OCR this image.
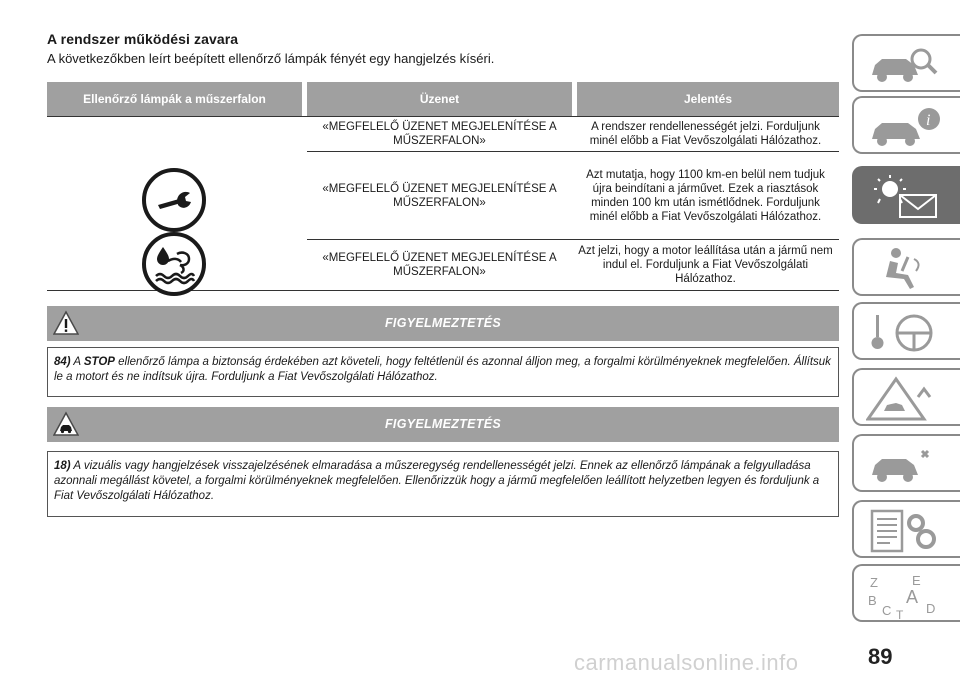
A rendszer működési zavara
A következőkben leírt beépített ellenőrző lámpák fényét egy hangjelzés kíséri.
Ellenőrző lámpák a műszerfalon	Üzenet	Jelentés
«MEGFELELŐ ÜZENET MEGJELENÍTÉSE A MŰSZERFALON»
A rendszer rendellenességét jelzi. Forduljunk minél előbb a Fiat Vevőszolgálati Hálózathoz.
«MEGFELELŐ ÜZENET MEGJELENÍTÉSE A MŰSZERFALON»
Azt mutatja, hogy 1100 km-en belül nem tudjuk újra beindítani a járművet. Ezek a riasztások minden 100 km után ismétlődnek. Forduljunk minél előbb a Fiat Vevőszolgálati Hálózathoz.
«MEGFELELŐ ÜZENET MEGJELENÍTÉSE A MŰSZERFALON»
Azt jelzi, hogy a motor leállítása után a jármű nem indul el. Forduljunk a Fiat Vevőszolgálati Hálózathoz.
FIGYELMEZTETÉS
84) A STOP ellenőrző lámpa a biztonság érdekében azt követeli, hogy feltétlenül és azonnal álljon meg, a forgalmi körülményeknek megfelelően. Állítsuk le a motort és ne indítsuk újra. Forduljunk a Fiat Vevőszolgálati Hálózathoz.
FIGYELMEZTETÉS
18) A vizuális vagy hangjelzések visszajelzésének elmaradása a műszeregység rendellenességét jelzi. Ennek az ellenőrző lámpának a felgyulladása azonnali megállást követel, a forgalmi körülményeknek megfelelően. Ellenőrizzük hogy a jármű megfelelően leállított helyzetben legyen és forduljunk a Fiat Vevőszolgálati Hálózathoz.
i
Z	E
A
B
C	D
T
89
carmanualsonline.info
